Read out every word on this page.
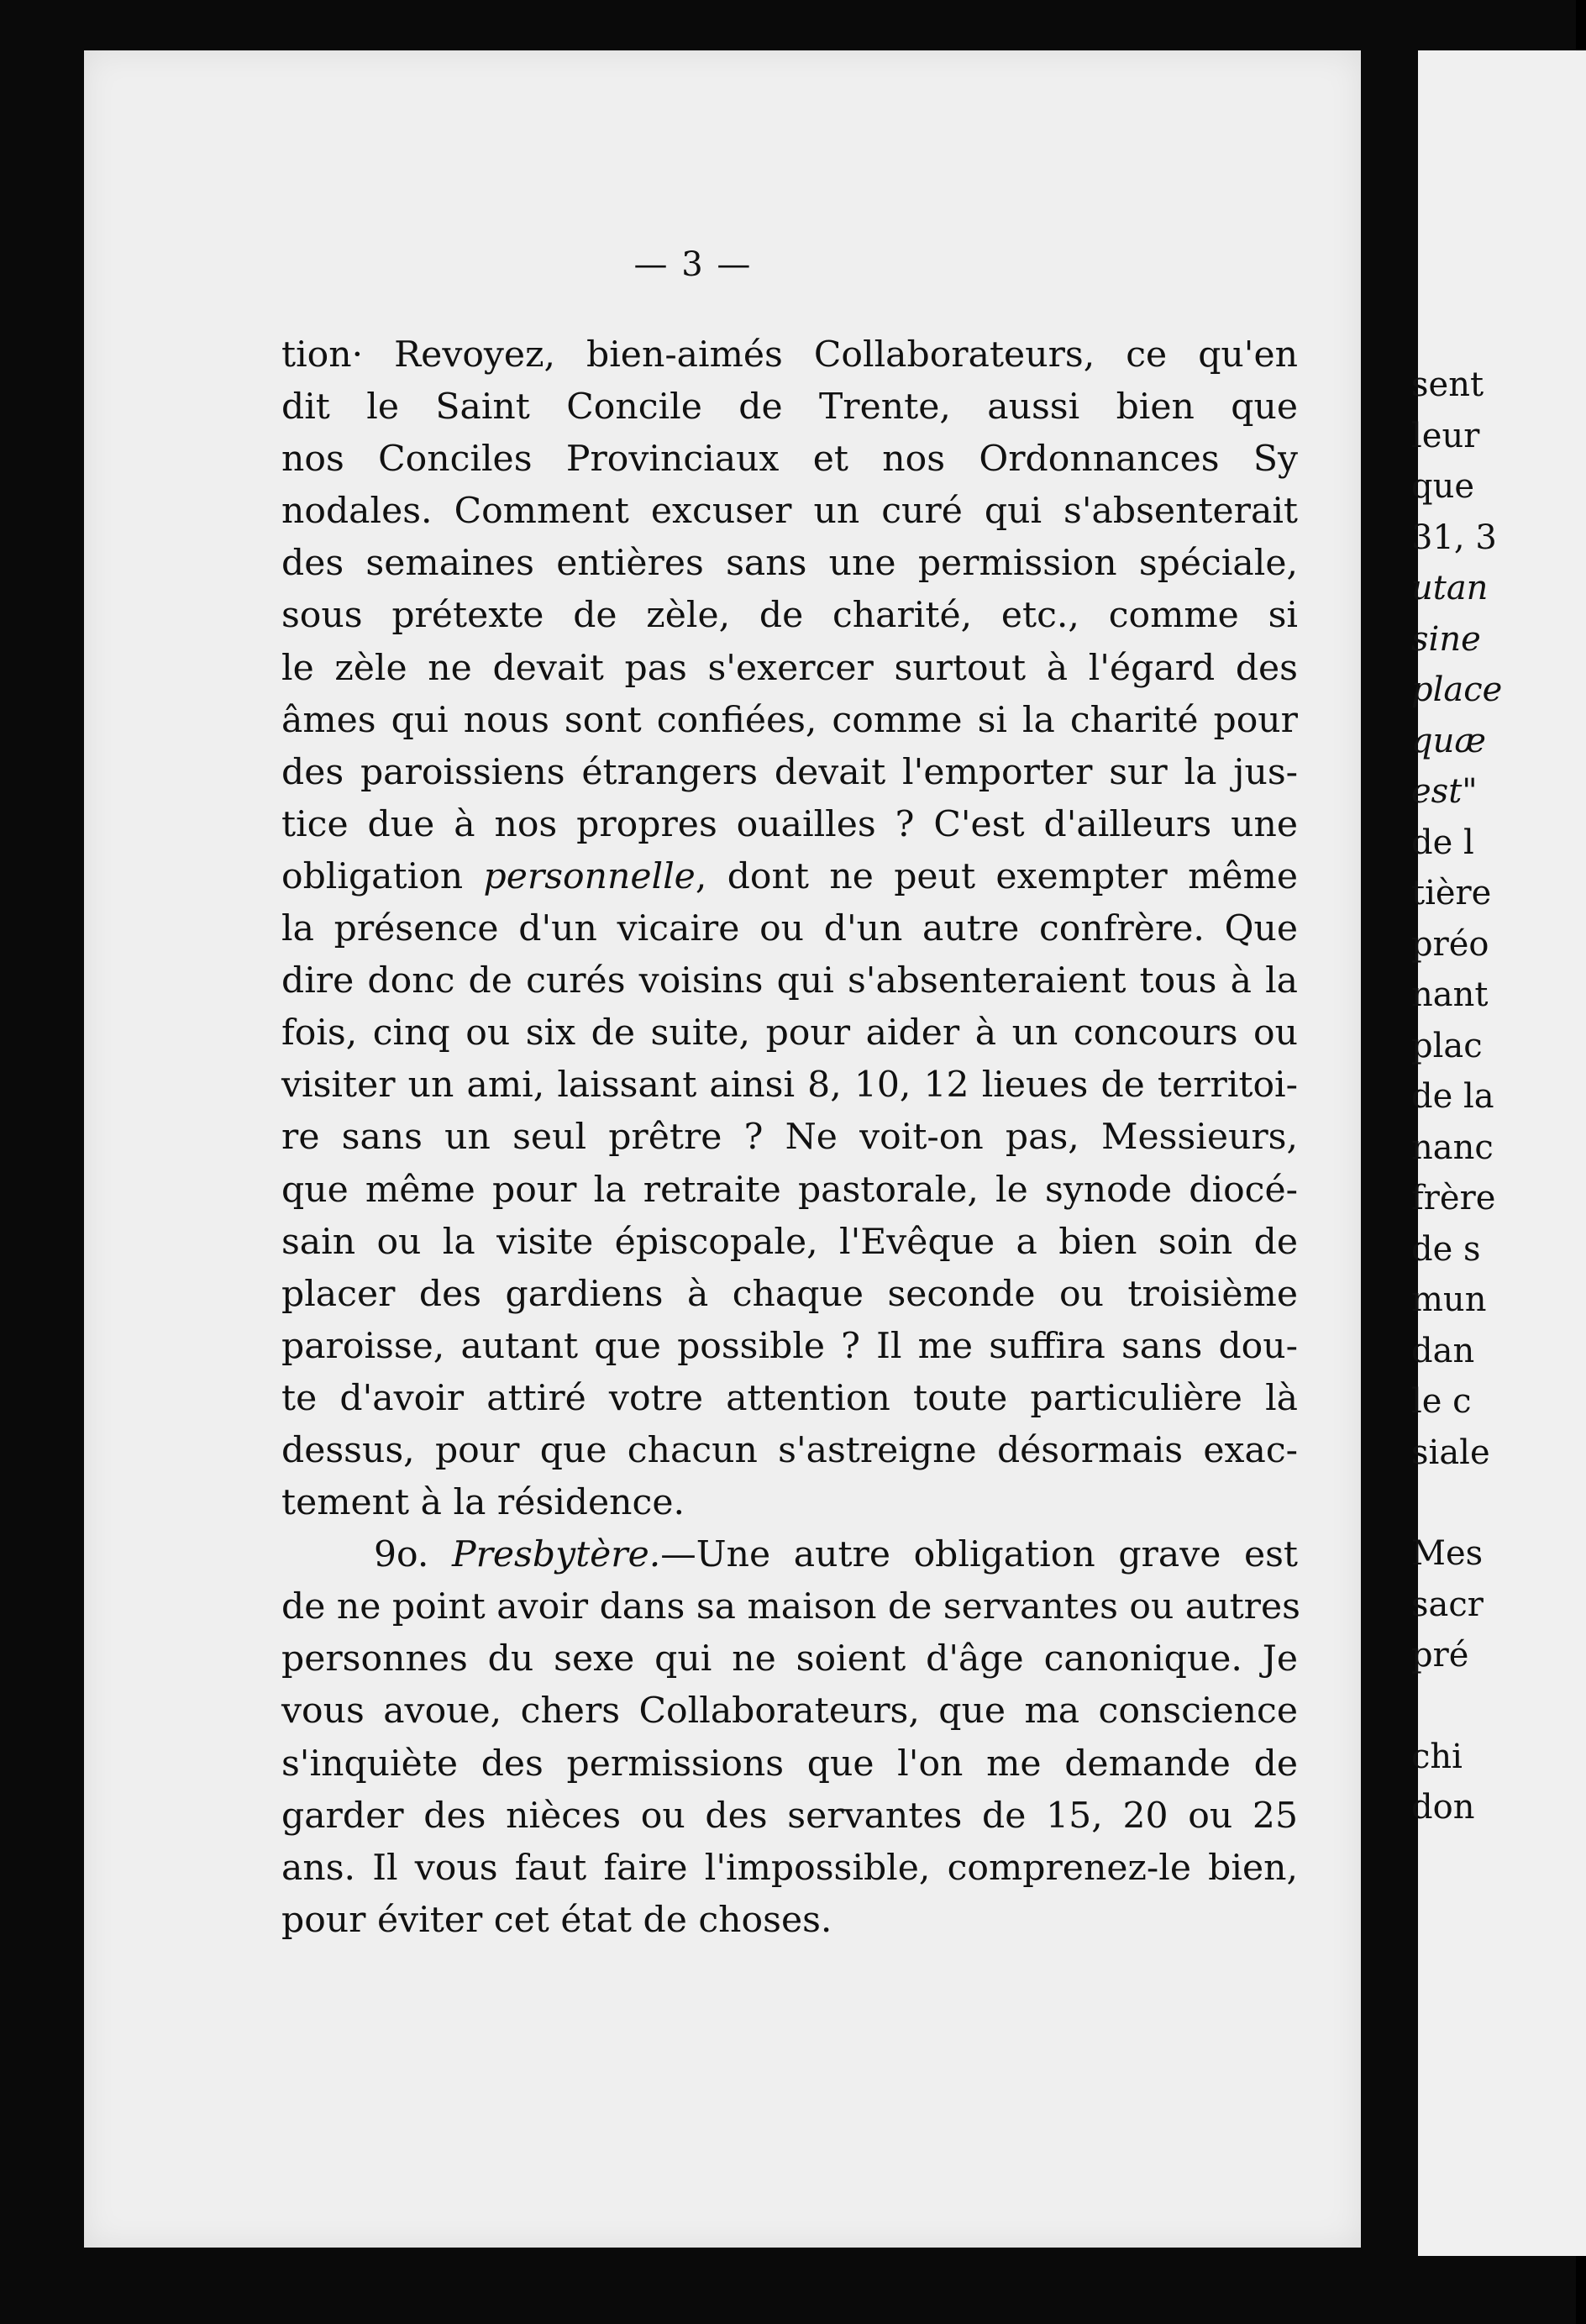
sent
leur
que
31, 3
utan
sine
place
quæ
est"
de l
tière
préo
nant
plac
de la
nanc
frère
de s
mun
dan
le c
siale
Mes
sacr
pré
chi
don
— 3 —
tion· Revoyez, bien-aimés Collaborateurs, ce qu'en
dit le Saint Concile de Trente, aussi bien que
nos Conciles Provinciaux et nos Ordonnances Sy
nodales. Comment excuser un curé qui s'absenterait
des semaines entières sans une permission spéciale,
sous prétexte de zèle, de charité, etc., comme si
le zèle ne devait pas s'exercer surtout à l'égard des
âmes qui nous sont confiées, comme si la charité pour
des paroissiens étrangers devait l'emporter sur la jus-
tice due à nos propres ouailles ? C'est d'ailleurs une
obligation personnelle, dont ne peut exempter même
la présence d'un vicaire ou d'un autre confrère. Que
dire donc de curés voisins qui s'absenteraient tous à la
fois, cinq ou six de suite, pour aider à un concours ou
visiter un ami, laissant ainsi 8, 10, 12 lieues de territoi-
re sans un seul prêtre ? Ne voit-on pas, Messieurs,
que même pour la retraite pastorale, le synode diocé-
sain ou la visite épiscopale, l'Evêque a bien soin de
placer des gardiens à chaque seconde ou troisième
paroisse, autant que possible ? Il me suffira sans dou-
te d'avoir attiré votre attention toute particulière là
dessus, pour que chacun s'astreigne désormais exac-
tement à la résidence.
9o. Presbytère.—Une autre obligation grave est
de ne point avoir dans sa maison de servantes ou autres
personnes du sexe qui ne soient d'âge canonique. Je
vous avoue, chers Collaborateurs, que ma conscience
s'inquiète des permissions que l'on me demande de
garder des nièces ou des servantes de 15, 20 ou 25
ans. Il vous faut faire l'impossible, comprenez-le bien,
pour éviter cet état de choses.
